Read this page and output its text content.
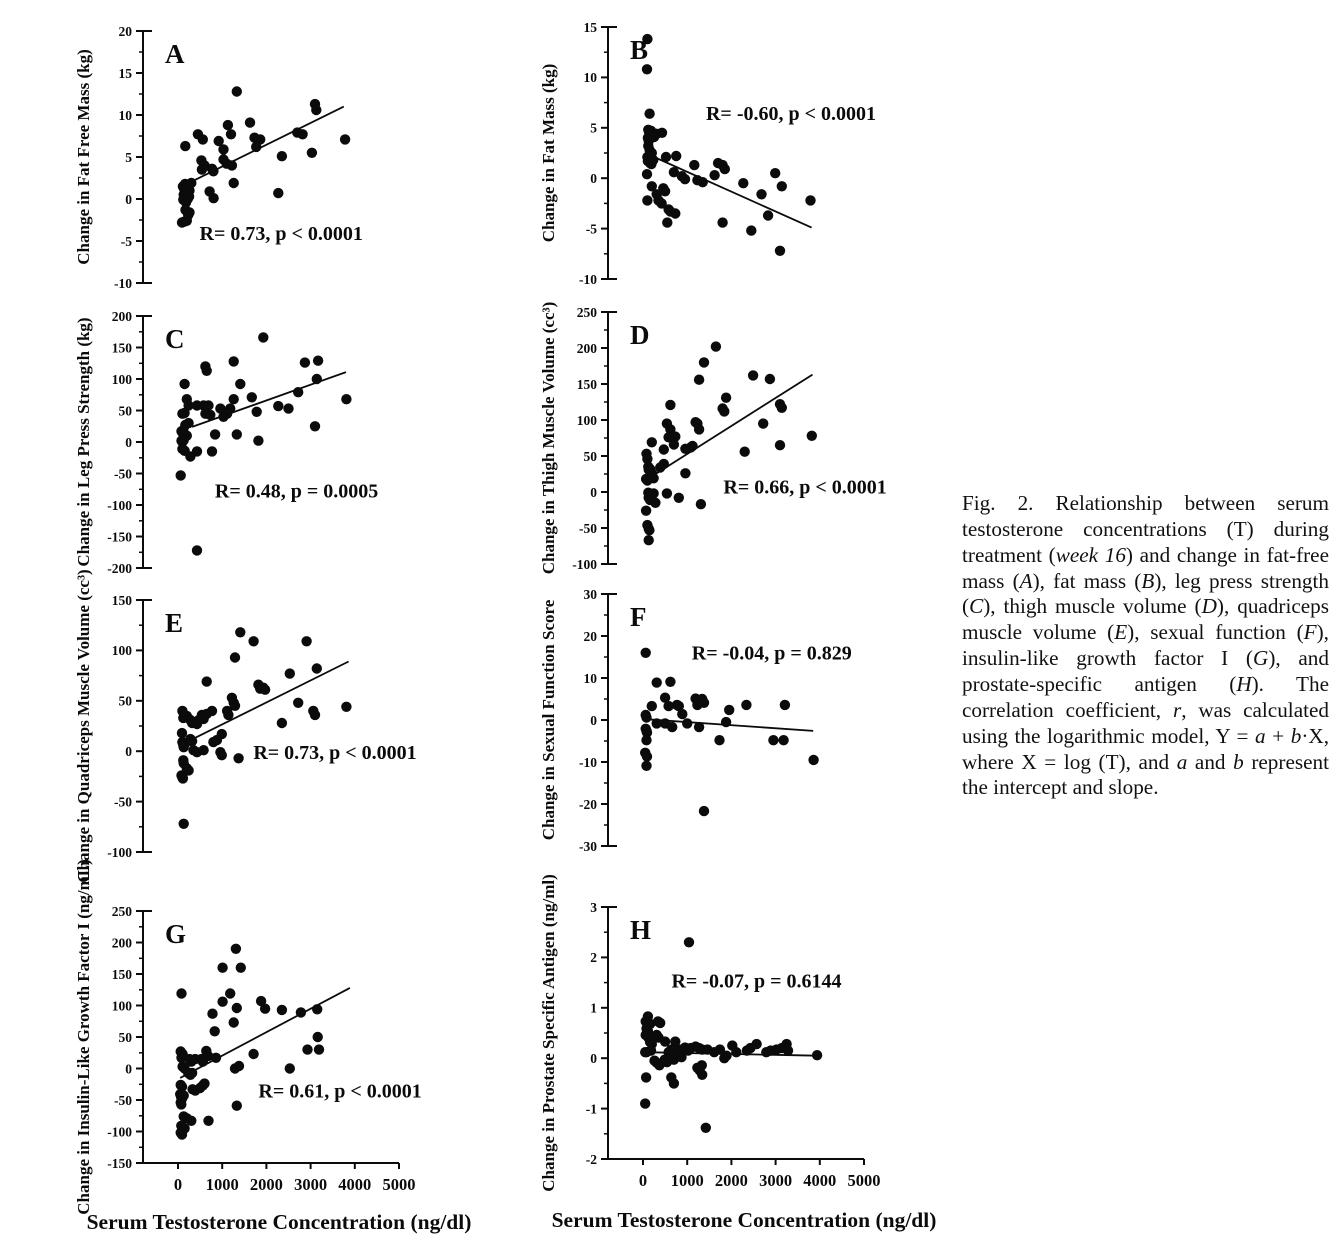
20
15
10
5
0
-5
-10
A
R= 0.73, p < 0.0001
Change in Fat Free Mass (kg)
15
10
5
0
-5
-10
B
R= -0.60, p < 0.0001
Change in Fat Mass (kg)
200
150
100
50
0
-50
-100
-150
-200
C
R= 0.48, p = 0.0005
Change in Leg Press Strength (kg)
250
200
150
100
50
0
-50
-100
D
R= 0.66, p < 0.0001
Change in Thigh Muscle Volume (cc³)
150
100
50
0
-50
-100
E
R= 0.73, p < 0.0001
Change in Quadriceps Muscle Volume (cc³)	30
20
10
0
-10
-20
-30
F
R= -0.04, p = 0.829
Change in Sexual Function Score
250
200
150
100
50
0
-50
-100
-150
G
R= 0.61, p < 0.0001
Change in Insulin-Like Growth Factor I (ng/mL)	0 1000 2000 3000 4000 5000
3
2
1
0
-1
-2
H
R= -0.07, p = 0.6144
Change in Prostate Specific Antigen (ng/ml)	0 1000 2000 3000 4000 5000
Serum Testosterone Concentration (ng/dl)	Serum Testosterone Concentration (ng/dl)
Fig. 2. Relationship between serum testosterone concentrations (T) during treatment (week 16) and change in fat-free mass (A), fat mass (B), leg press strength (C), thigh muscle volume (D), quadriceps muscle volume (E), sexual function (F), insulin-like growth factor I (G), and prostate-specific antigen (H). The correlation coefficient, r, was calculated using the logarithmic model, Y = a + b·X, where X = log (T), and a and b represent the intercept and slope.
